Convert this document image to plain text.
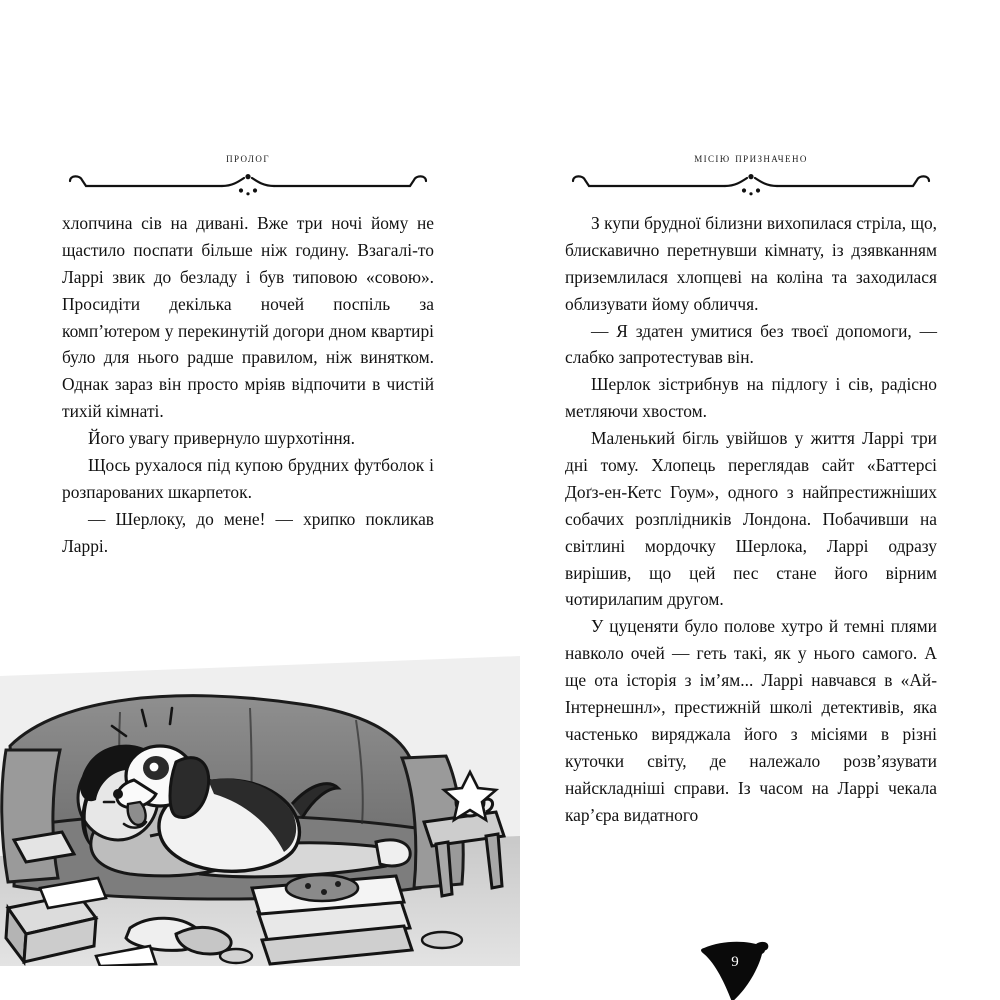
пролог

хлопчина сів на дивані. Вже три ночі йому не щастило поспати більше ніж годину. Взагалі-то Ларрі звик до безладу і був типовою «совою». Просидіти декілька ночей поспіль за комп’ютером у перекинутій догори дном квартирі було для нього радше правилом, ніж винятком. Однак зараз він просто мріяв відпочити в чистій тихій кімнаті.

Його увагу привернуло шурхотіння.

Щось рухалося під купою брудних футболок і розпарованих шкарпеток.

— Шерлоку, до мене! — хрипко покликав Ларрі.

місію призначено

З купи брудної білизни вихопилася стріла, що, блискавично перетнувши кімнату, із дзявканням приземлилася хлопцеві на коліна та заходилася облизувати йому обличчя.

— Я здатен умитися без твоєї допомоги, — слабко запротестував він.

Шерлок зістрибнув на підлогу і сів, радісно метляючи хвостом.

Маленький бігль увійшов у життя Ларрі три дні тому. Хлопець переглядав сайт «Баттерсі Доґз-ен-Кетс Гоум», одного з найпрестижніших собачих розплідників Лондона. Побачивши на світлині мордочку Шерлока, Ларрі одразу вирішив, що цей пес стане його вірним чотирилапим другом.

У цуценяти було полове хутро й темні плями навколо очей — геть такі, як у нього самого. А ще ота історія з ім’ям... Ларрі навчався в «Ай-Інтернешнл», престижній школі детективів, яка частенько виряджала його з місіями в різні куточки світу, де належало розв’язувати найскладніші справи. Із часом на Ларрі чекала кар’єра видатного

9
